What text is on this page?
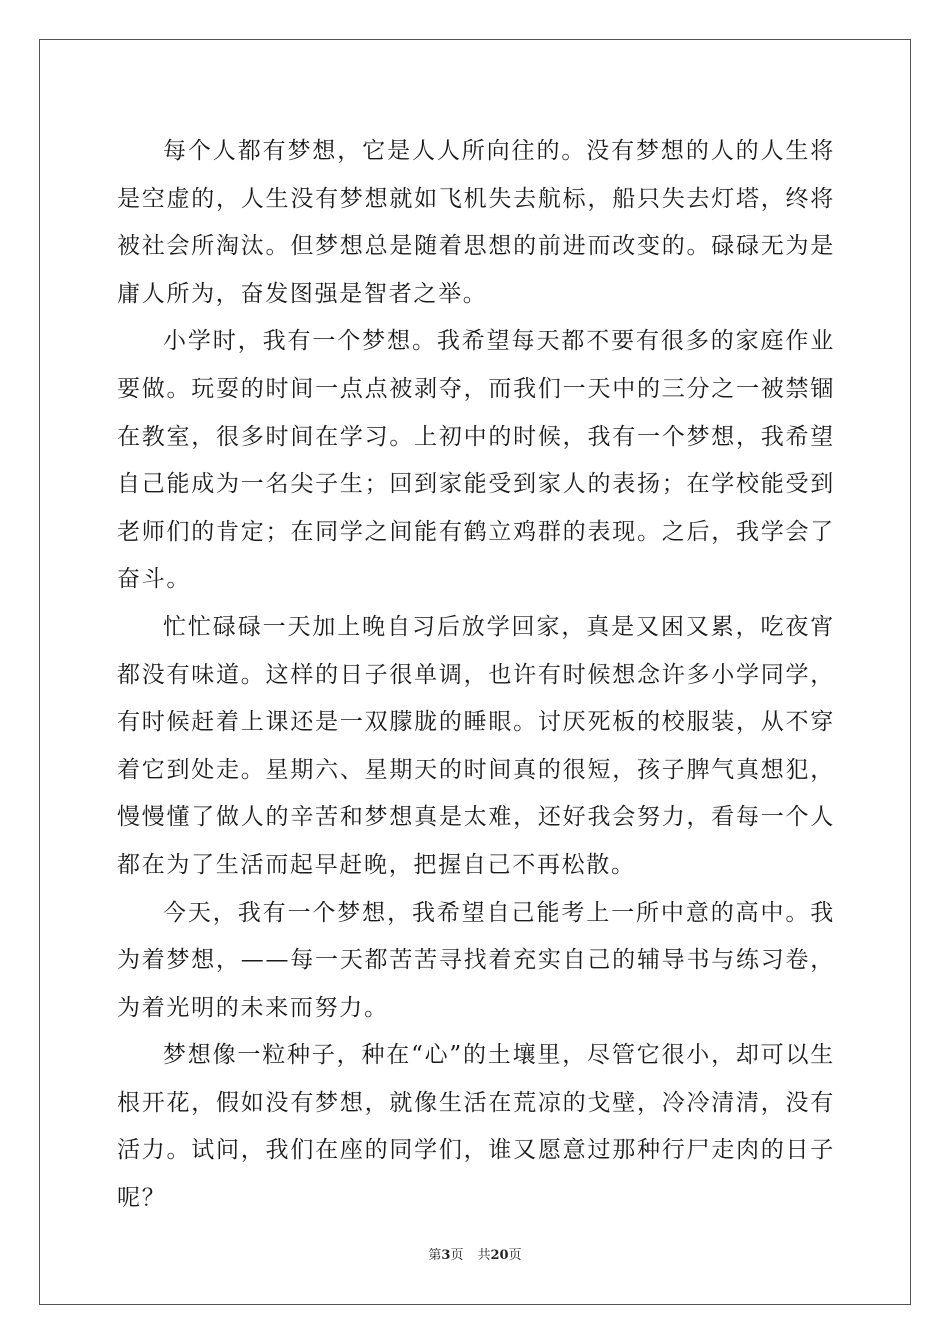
每个人都有梦想，它是人人所向往的。没有梦想的人的人生将是空虚的，人生没有梦想就如飞机失去航标，船只失去灯塔，终将被社会所淘汰。但梦想总是随着思想的前进而改变的。碌碌无为是庸人所为，奋发图强是智者之举。

小学时，我有一个梦想。我希望每天都不要有很多的家庭作业要做。玩耍的时间一点点被剥夺，而我们一天中的三分之一被禁锢在教室，很多时间在学习。上初中的时候，我有一个梦想，我希望自己能成为一名尖子生；回到家能受到家人的表扬；在学校能受到老师们的肯定；在同学之间能有鹤立鸡群的表现。之后，我学会了奋斗。

忙忙碌碌一天加上晚自习后放学回家，真是又困又累，吃夜宵都没有味道。这样的日子很单调，也许有时候想念许多小学同学，有时候赶着上课还是一双朦胧的睡眼。讨厌死板的校服装，从不穿着它到处走。星期六、星期天的时间真的很短，孩子脾气真想犯，慢慢懂了做人的辛苦和梦想真是太难，还好我会努力，看每一个人都在为了生活而起早赶晚，把握自己不再松散。

今天，我有一个梦想，我希望自己能考上一所中意的高中。我为着梦想，——每一天都苦苦寻找着充实自己的辅导书与练习卷，为着光明的未来而努力。

梦想像一粒种子，种在“心”的土壤里，尽管它很小，却可以生根开花，假如没有梦想，就像生活在荒凉的戈壁，冷冷清清，没有活力。试问，我们在座的同学们，谁又愿意过那种行尸走肉的日子呢？

第3页 共20页
